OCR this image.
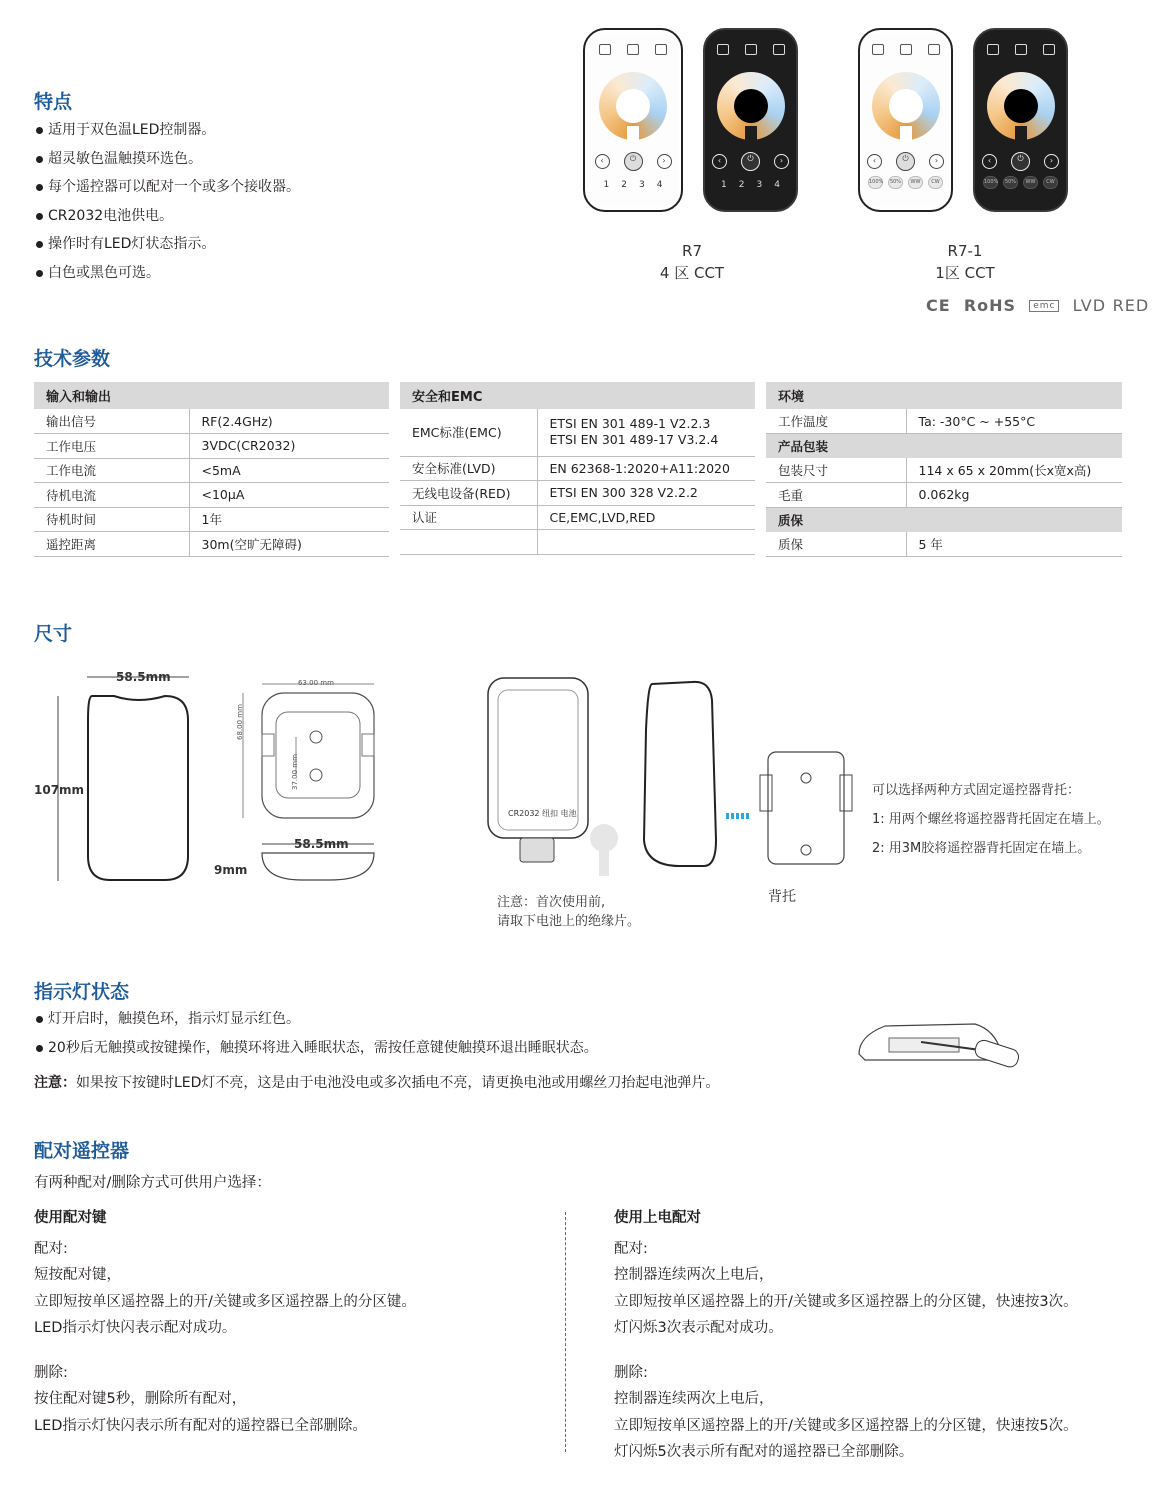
特点
适用于双色温LED控制器。
超灵敏色温触摸环选色。
每个遥控器可以配对一个或多个接收器。
CR2032电池供电。
操作时有LED灯状态指示。
白色或黑色可选。
‹	⏻	›
1 2 3 4
‹	⏻	›
1 2 3 4
‹	⏻	›
100%	50%	WW	CW
‹	⏻	›
100%	50%	WW	CW
R7
4 区 CCT
R7-1
1区 CCT
CE RoHS emc LVD RED
技术参数
输入和输出	
输出信号	RF(2.4GHz)
工作电压	3VDC(CR2032)
工作电流	<5mA
待机电流	<10μA
待机时间	1年
遥控距离	30m(空旷无障碍)
安全和EMC	
EMC标准(EMC)	ETSI EN 301 489-1 V2.2.3
ETSI EN 301 489-17 V3.2.4

安全标准(LVD)	EN 62368-1:2020+A11:2020
无线电设备(RED)	ETSI EN 300 328 V2.2.2
认证	CE,EMC,LVD,RED

环境	
工作温度	Ta: -30°C ~ +55°C
产品包装	
包装尺寸	114 x 65 x 20mm(长x宽x高)
毛重	0.062kg
质保	
质保	5 年
尺寸
58.5mm
107mm
63.00 mm
68.00 mm
37.00 mm
58.5mm
9mm
CR2032 纽扣 电池
注意：首次使用前,
请取下电池上的绝缘片。
背托
可以选择两种方式固定遥控器背托：
1: 用两个螺丝将遥控器背托固定在墙上。
2: 用3M胶将遥控器背托固定在墙上。
指示灯状态
灯开启时，触摸色环，指示灯显示红色。
20秒后无触摸或按键操作，触摸环将进入睡眠状态，需按任意键使触摸环退出睡眠状态。
注意：如果按下按键时LED灯不亮，这是由于电池没电或多次插电不亮，请更换电池或用螺丝刀抬起电池弹片。
配对遥控器
有两种配对/删除方式可供用户选择：
使用配对键
配对:
短按配对键，
立即短按单区遥控器上的开/关键或多区遥控器上的分区键。
LED指示灯快闪表示配对成功。
删除:
按住配对键5秒，删除所有配对，
LED指示灯快闪表示所有配对的遥控器已全部删除。
使用上电配对
配对:
控制器连续两次上电后，
立即短按单区遥控器上的开/关键或多区遥控器上的分区键，快速按3次。
灯闪烁3次表示配对成功。
删除:
控制器连续两次上电后，
立即短按单区遥控器上的开/关键或多区遥控器上的分区键，快速按5次。
灯闪烁5次表示所有配对的遥控器已全部删除。
